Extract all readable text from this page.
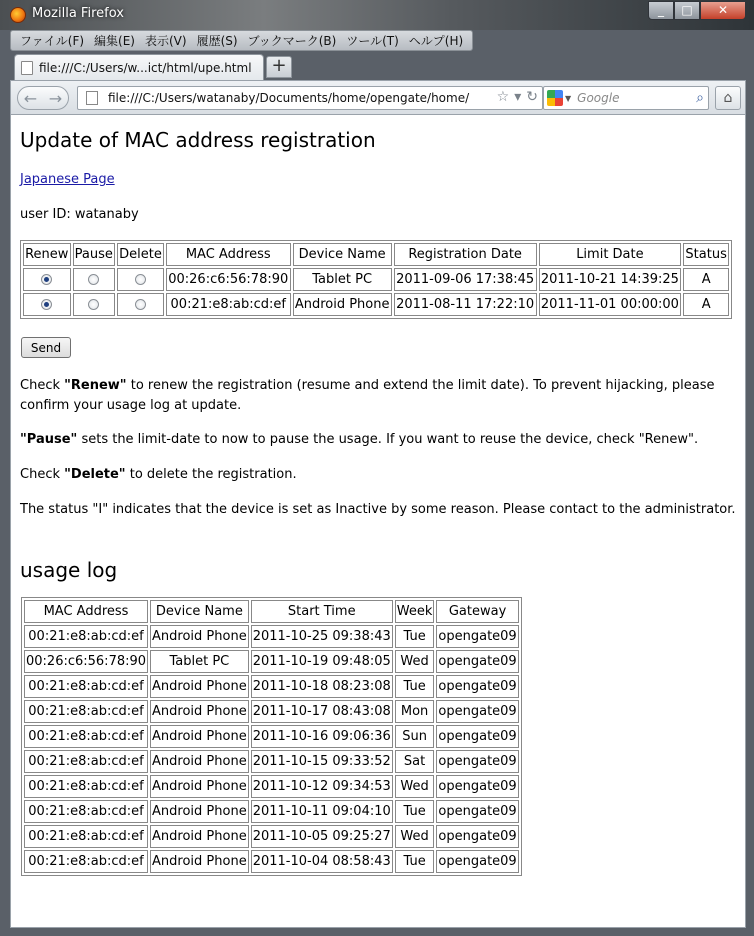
Mozilla Firefox	_	□	✕
ファイル(F) 編集(E) 表示(V) 履歴(S) ブックマーク(B) ツール(T) ヘルプ(H)
file:///C:/Users/w...ict/html/upe.html	+
← →	file:///C:/Users/watanaby/Documents/home/opengate/home/ ☆ ▾ ↻	▼ Google	⌕	⌂
Update of MAC address registration
Japanese Page
user ID: watanaby
Renew	Pause	Delete	MAC Address	Device Name	Registration Date	Limit Date	Status
			00:26:c6:56:78:90	Tablet PC	2011-09-06 17:38:45	2011-10-21 14:39:25	A
			00:21:e8:ab:cd:ef	Android Phone	2011-08-11 17:22:10	2011-11-01 00:00:00	A
Send
Check "Renew" to renew the registration (resume and extend the limit date). To prevent hijacking, please confirm your usage log at update.
"Pause" sets the limit-date to now to pause the usage. If you want to reuse the device, check "Renew".
Check "Delete" to delete the registration.
The status "I" indicates that the device is set as Inactive by some reason. Please contact to the administrator.
usage log
MAC Address	Device Name	Start Time	Week	Gateway
00:21:e8:ab:cd:ef	Android Phone	2011-10-25 09:38:43	Tue	opengate09
00:26:c6:56:78:90	Tablet PC	2011-10-19 09:48:05	Wed	opengate09
00:21:e8:ab:cd:ef	Android Phone	2011-10-18 08:23:08	Tue	opengate09
00:21:e8:ab:cd:ef	Android Phone	2011-10-17 08:43:08	Mon	opengate09
00:21:e8:ab:cd:ef	Android Phone	2011-10-16 09:06:36	Sun	opengate09
00:21:e8:ab:cd:ef	Android Phone	2011-10-15 09:33:52	Sat	opengate09
00:21:e8:ab:cd:ef	Android Phone	2011-10-12 09:34:53	Wed	opengate09
00:21:e8:ab:cd:ef	Android Phone	2011-10-11 09:04:10	Tue	opengate09
00:21:e8:ab:cd:ef	Android Phone	2011-10-05 09:25:27	Wed	opengate09
00:21:e8:ab:cd:ef	Android Phone	2011-10-04 08:58:43	Tue	opengate09
